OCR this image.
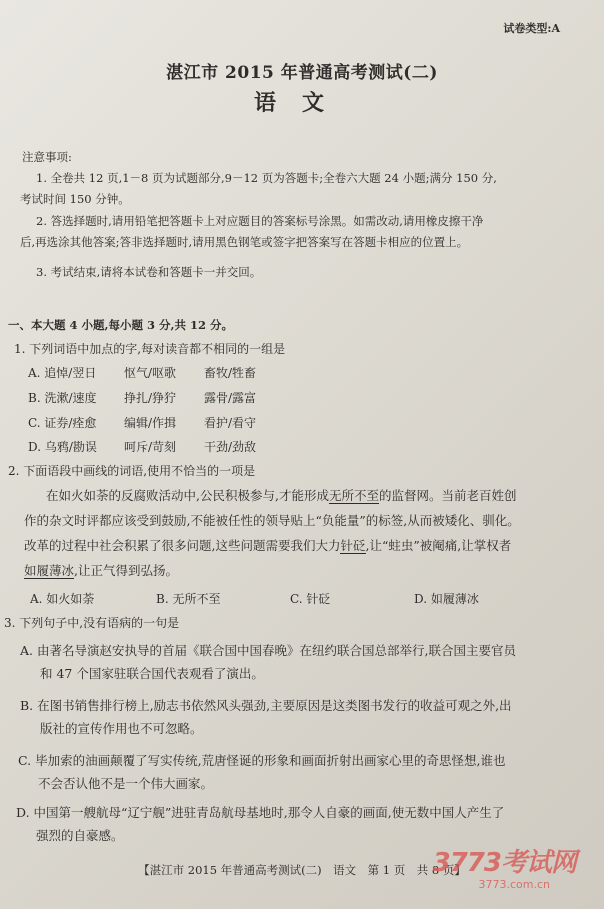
试卷类型:A
湛江市 2015 年普通高考测试(二)
语文
注意事项:
1. 全卷共 12 页,1－8 页为试题部分,9－12 页为答题卡;全卷六大题 24 小题;满分 150 分,
考试时间 150 分钟。
2. 答选择题时,请用铅笔把答题卡上对应题目的答案标号涂黑。如需改动,请用橡皮擦干净
后,再选涂其他答案;答非选择题时,请用黑色钢笔或签字把答案写在答题卡相应的位置上。
3. 考试结束,请将本试卷和答题卡一并交回。
一、本大题 4 小题,每小题 3 分,共 12 分。
1. 下列词语中加点的字,每对读音都不相同的一组是
A. 追悼/翌日 怄气/呕歌 畜牧/牲畜
B. 洗漱/速度 挣扎/狰狞 露骨/露富
C. 证券/痊愈 编辑/作揖 看护/看守
D. 乌鸦/勘误 呵斥/苛刻 干劲/劲敌
2. 下面语段中画线的词语,使用不恰当的一项是
在如火如荼的反腐败活动中,公民积极参与,才能形成无所不至的监督网。当前老百姓创
作的杂文时评都应该受到鼓励,不能被任性的领导贴上“负能量”的标签,从而被矮化、驯化。
改革的过程中社会积累了很多问题,这些问题需要我们大力针砭,让“蛀虫”被阉痛,让掌权者
如履薄冰,让正气得到弘扬。
A. 如火如荼	B. 无所不至	C. 针砭	D. 如履薄冰
3. 下列句子中,没有语病的一句是
A. 由著名导演赵安执导的首届《联合国中国春晚》在纽约联合国总部举行,联合国主要官员
和 47 个国家驻联合国代表观看了演出。
B. 在图书销售排行榜上,励志书依然风头强劲,主要原因是这类图书发行的收益可观之外,出
版社的宣传作用也不可忽略。
C. 毕加索的油画颠覆了写实传统,荒唐怪诞的形象和画面折射出画家心里的奇思怪想,谁也
不会否认他不是一个伟大画家。
D. 中国第一艘航母“辽宁舰”进驻青岛航母基地时,那令人自豪的画面,使无数中国人产生了
强烈的自豪感。
【湛江市 2015 年普通高考测试(二)　语文　第 1 页　共 8 页】
3773考试网
3773.com.cn
